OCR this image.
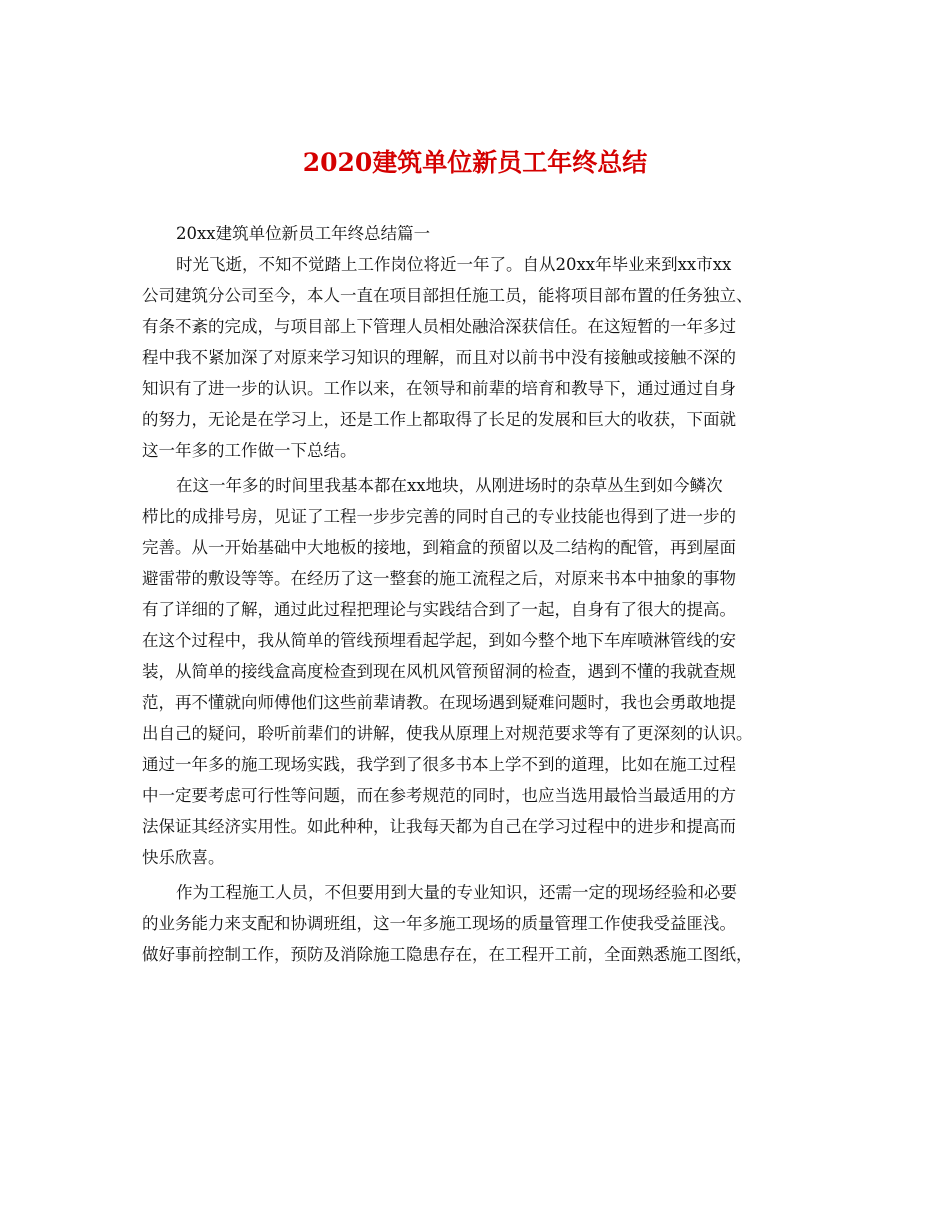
2020建筑单位新员工年终总结
20xx建筑单位新员工年终总结篇一
时光飞逝，不知不觉踏上工作岗位将近一年了。自从20xx年毕业来到xx市xx
公司建筑分公司至今，本人一直在项目部担任施工员，能将项目部布置的任务独立、
有条不紊的完成，与项目部上下管理人员相处融洽深获信任。在这短暂的一年多过
程中我不紧加深了对原来学习知识的理解，而且对以前书中没有接触或接触不深的
知识有了进一步的认识。工作以来，在领导和前辈的培育和教导下，通过通过自身
的努力，无论是在学习上，还是工作上都取得了长足的发展和巨大的收获，下面就
这一年多的工作做一下总结。
在这一年多的时间里我基本都在xx地块，从刚进场时的杂草丛生到如今鳞次
栉比的成排号房，见证了工程一步步完善的同时自己的专业技能也得到了进一步的
完善。从一开始基础中大地板的接地，到箱盒的预留以及二结构的配管，再到屋面
避雷带的敷设等等。在经历了这一整套的施工流程之后，对原来书本中抽象的事物
有了详细的了解，通过此过程把理论与实践结合到了一起，自身有了很大的提高。
在这个过程中，我从简单的管线预埋看起学起，到如今整个地下车库喷淋管线的安
装，从简单的接线盒高度检查到现在风机风管预留洞的检查，遇到不懂的我就查规
范，再不懂就向师傅他们这些前辈请教。在现场遇到疑难问题时，我也会勇敢地提
出自己的疑问，聆听前辈们的讲解，使我从原理上对规范要求等有了更深刻的认识。
通过一年多的施工现场实践，我学到了很多书本上学不到的道理，比如在施工过程
中一定要考虑可行性等问题，而在参考规范的同时，也应当选用最恰当最适用的方
法保证其经济实用性。如此种种，让我每天都为自己在学习过程中的进步和提高而
快乐欣喜。
作为工程施工人员，不但要用到大量的专业知识，还需一定的现场经验和必要
的业务能力来支配和协调班组，这一年多施工现场的质量管理工作使我受益匪浅。
做好事前控制工作，预防及消除施工隐患存在，在工程开工前，全面熟悉施工图纸，
